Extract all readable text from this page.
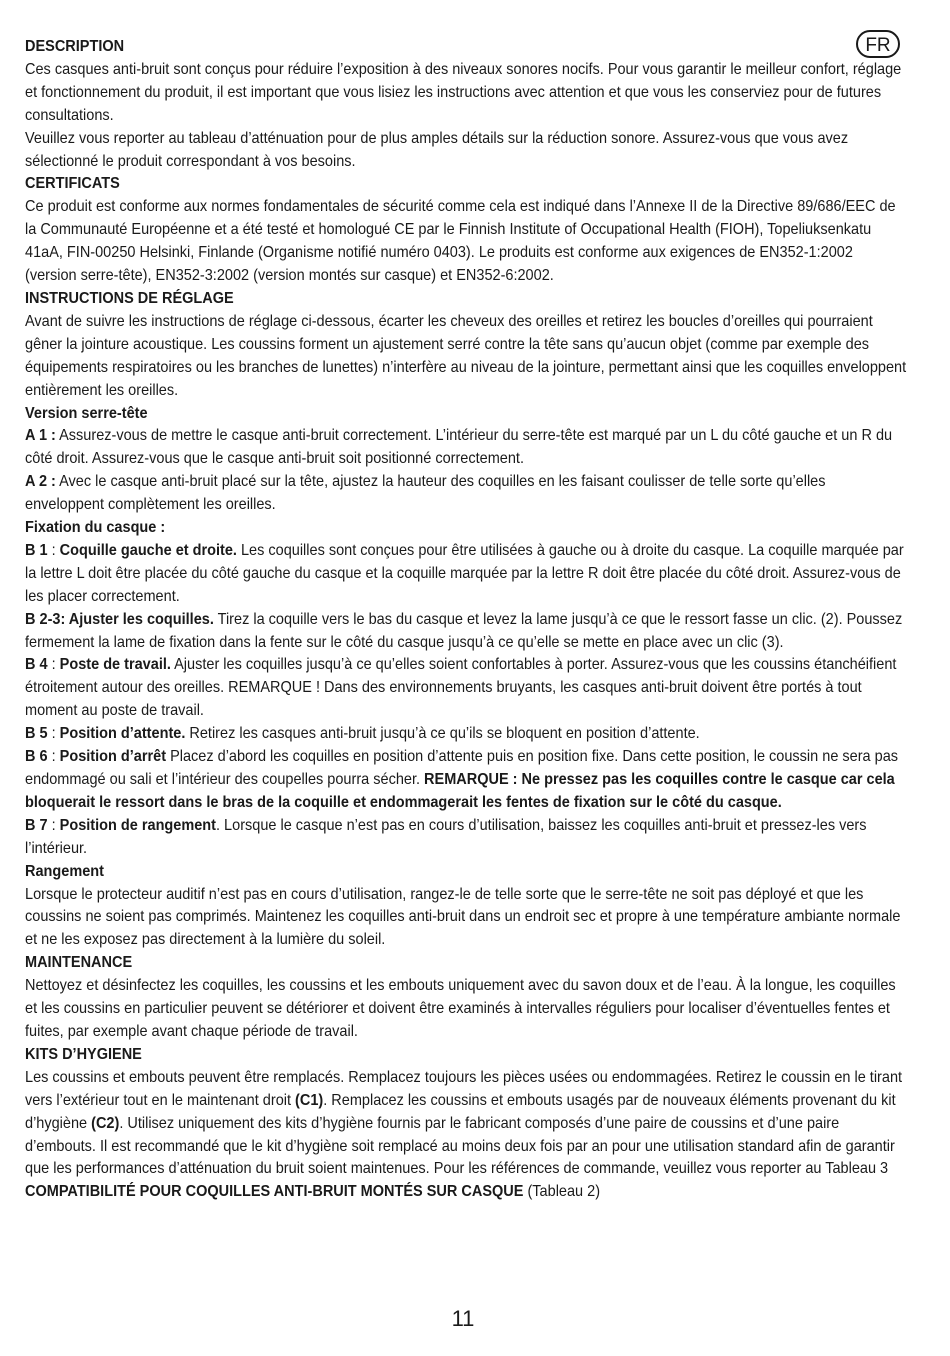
FR

DESCRIPTION

Ces casques anti-bruit sont conçus pour réduire l’exposition à des niveaux sonores nocifs. Pour vous garantir le meilleur confort, réglage et fonctionnement du produit, il est important que vous lisiez les instructions avec attention et que vous les conserviez pour de futures consultations.

Veuillez vous reporter au tableau d’atténuation pour de plus amples détails sur la réduction sonore. Assurez-vous que vous avez sélectionné le produit correspondant à vos besoins.

CERTIFICATS

Ce produit est conforme aux normes fondamentales de sécurité comme cela est indiqué dans l’Annexe II de la Directive 89/686/EEC de la Communauté Européenne et a été testé et homologué CE par le Finnish Institute of Occupational Health (FIOH), Topeliuksenkatu 41aA, FIN-00250 Helsinki, Finlande (Organisme notifié numéro 0403). Le produits est conforme aux exigences de EN352-1:2002 (version serre-tête), EN352-3:2002 (version montés sur casque) et EN352-6:2002.

INSTRUCTIONS DE RÉGLAGE

Avant de suivre les instructions de réglage ci-dessous, écarter les cheveux des oreilles et retirez les boucles d’oreilles qui pourraient gêner la jointure acoustique. Les coussins forment un ajustement serré contre la tête sans qu’aucun objet (comme par exemple des équipements respiratoires ou les branches de lunettes) n’interfère au niveau de la jointure, permettant ainsi que les coquilles enveloppent entièrement les oreilles.

Version serre-tête

A 1 : Assurez-vous de mettre le casque anti-bruit correctement. L’intérieur du serre-tête est marqué par un L du côté gauche et un R du côté droit. Assurez-vous que le casque anti-bruit soit positionné correctement.

A 2 : Avec le casque anti-bruit placé sur la tête, ajustez la hauteur des coquilles en les faisant coulisser de telle sorte qu’elles enveloppent complètement les oreilles.

Fixation du casque :

B 1 : Coquille gauche et droite. Les coquilles sont conçues pour être utilisées à gauche ou à droite du casque. La coquille marquée par la lettre L doit être placée du côté gauche du casque et la coquille marquée par la lettre R doit être placée du côté droit. Assurez-vous de les placer correctement.

B 2-3: Ajuster les coquilles. Tirez la coquille vers le bas du casque et levez la lame jusqu’à ce que le ressort fasse un clic. (2). Poussez fermement la lame de fixation dans la fente sur le côté du casque jusqu’à ce qu’elle se mette en place avec un clic (3).

B 4 : Poste de travail. Ajuster les coquilles jusqu’à ce qu’elles soient confortables à porter. Assurez-vous que les coussins étanchéifient étroitement autour des oreilles. REMARQUE ! Dans des environnements bruyants, les casques anti-bruit doivent être portés à tout moment au poste de travail.

B 5 : Position d’attente. Retirez les casques anti-bruit jusqu’à ce qu’ils se bloquent en position d’attente.

B 6 : Position d’arrêt Placez d’abord les coquilles en position d’attente puis en position fixe. Dans cette position, le coussin ne sera pas endommagé ou sali et l’intérieur des coupelles pourra sécher. REMARQUE : Ne pressez pas les coquilles contre le casque car cela bloquerait le ressort dans le bras de la coquille et endommagerait les fentes de fixation sur le côté du casque.

B 7 : Position de rangement. Lorsque le casque n’est pas en cours d’utilisation, baissez les coquilles anti-bruit et pressez-les vers l’intérieur.

Rangement

Lorsque le protecteur auditif n’est pas en cours d’utilisation, rangez-le de telle sorte que le serre-tête ne soit pas déployé et que les coussins ne soient pas comprimés. Maintenez les coquilles anti-bruit dans un endroit sec et propre à une température ambiante normale et ne les exposez pas directement à la lumière du soleil.

MAINTENANCE

Nettoyez et désinfectez les coquilles, les coussins et les embouts uniquement avec du savon doux et de l’eau. À la longue, les coquilles et les coussins en particulier peuvent se détériorer et doivent être examinés à intervalles réguliers pour localiser d’éventuelles fentes et fuites, par exemple avant chaque période de travail.

KITS D’HYGIENE

Les coussins et embouts peuvent être remplacés. Remplacez toujours les pièces usées ou endommagées. Retirez le coussin en le tirant vers l’extérieur tout en le maintenant droit (C1). Remplacez les coussins et embouts usagés par de nouveaux éléments provenant du kit d’hygiène (C2). Utilisez uniquement des kits d’hygiène fournis par le fabricant composés d’une paire de coussins et d’une paire d’embouts. Il est recommandé que le kit d’hygiène soit remplacé au moins deux fois par an pour une utilisation standard afin de garantir que les performances d’atténuation du bruit soient maintenues. Pour les références de commande, veuillez vous reporter au Tableau 3

COMPATIBILITÉ POUR COQUILLES ANTI-BRUIT MONTÉS SUR CASQUE (Tableau 2)

11
